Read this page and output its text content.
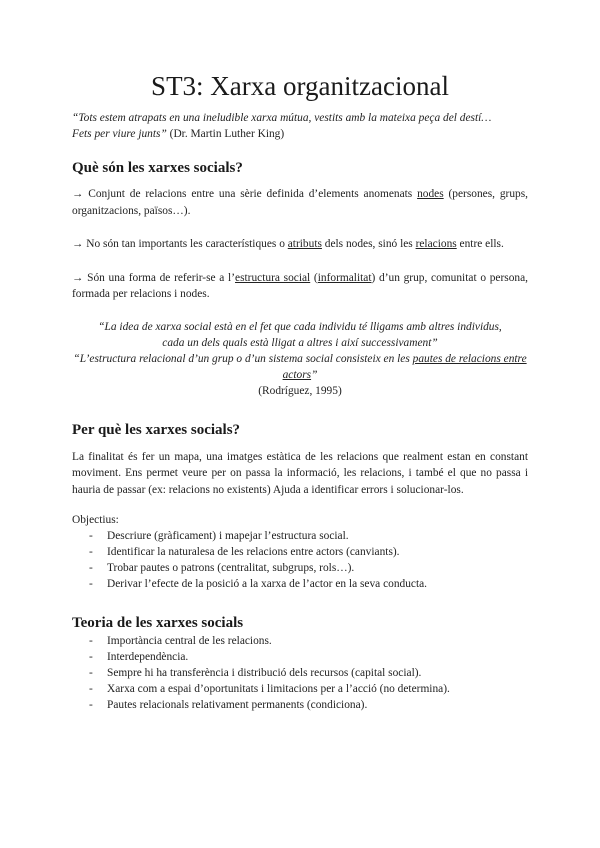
ST3: Xarxa organitzacional
“Tots estem atrapats en una ineludible xarxa mútua, vestits amb la mateixa peça del destí…
Fets per viure junts” (Dr. Martin Luther King)
Què són les xarxes socials?

→ Conjunt de relacions entre una sèrie definida d’elements anomenats nodes (persones, grups, organitzacions, països…).

→ No són tan importants les característiques o atributs dels nodes, sinó les relacions entre ells.

→ Són una forma de referir-se a l’estructura social (informalitat) d’un grup, comunitat o persona, formada per relacions i nodes.

“La idea de xarxa social està en el fet que cada individu té lligams amb altres individus,
cada un dels quals està lligat a altres i així successivament”
“L’estructura relacional d’un grup o d’un sistema social consisteix en les pautes de relacions entre actors”
(Rodríguez, 1995)
Per què les xarxes socials?

La finalitat és fer un mapa, una imatges estàtica de les relacions que realment estan en constant moviment. Ens permet veure per on passa la informació, les relacions, i també el que no passa i hauria de passar (ex: relacions no existents) Ajuda a identificar errors i solucionar-los.

Objectius:
- Descriure (gràficament) i mapejar l’estructura social.
- Identificar la naturalesa de les relacions entre actors (canviants).
- Trobar pautes o patrons (centralitat, subgrups, rols…).
- Derivar l’efecte de la posició a la xarxa de l’actor en la seva conducta.
Teoria de les xarxes socials
- Importància central de les relacions.
- Interdependència.
- Sempre hi ha transferència i distribució dels recursos (capital social).
- Xarxa com a espai d’oportunitats i limitacions per a l’acció (no determina).
- Pautes relacionals relativament permanents (condiciona).
